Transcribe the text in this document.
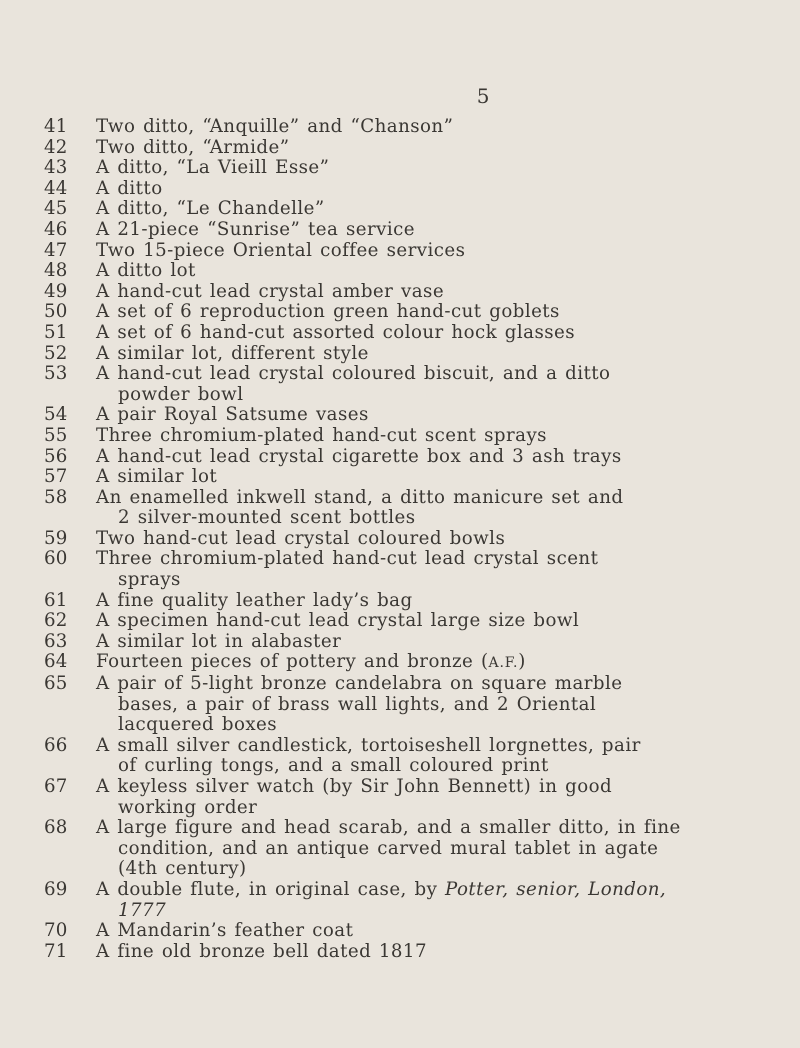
5
41	Two ditto, “Anquille” and “Chanson”
42	Two ditto, “Armide”
43	A ditto, “La Vieill Esse”
44	A ditto
45	A ditto, “Le Chandelle”
46	A 21-piece “Sunrise” tea service
47	Two 15-piece Oriental coffee services
48	A ditto lot
49	A hand-cut lead crystal amber vase
50	A set of 6 reproduction green hand-cut goblets
51	A set of 6 hand-cut assorted colour hock glasses
52	A similar lot, different style
53	A hand-cut lead crystal coloured biscuit, and a ditto
powder bowl
54	A pair Royal Satsume vases
55	Three chromium-plated hand-cut scent sprays
56	A hand-cut lead crystal cigarette box and 3 ash trays
57	A similar lot
58	An enamelled inkwell stand, a ditto manicure set and
2 silver-mounted scent bottles
59	Two hand-cut lead crystal coloured bowls
60	Three chromium-plated hand-cut lead crystal scent
sprays
61	A fine quality leather lady’s bag
62	A specimen hand-cut lead crystal large size bowl
63	A similar lot in alabaster
64	Fourteen pieces of pottery and bronze (A.F.)
65	A pair of 5-light bronze candelabra on square marble
bases, a pair of brass wall lights, and 2 Oriental
lacquered boxes
66	A small silver candlestick, tortoiseshell lorgnettes, pair
of curling tongs, and a small coloured print
67	A keyless silver watch (by Sir John Bennett) in good
working order
68	A large figure and head scarab, and a smaller ditto, in fine
condition, and an antique carved mural tablet in agate
(4th century)
69	A double flute, in original case, by Potter, senior, London,
1777
70	A Mandarin’s feather coat
71	A fine old bronze bell dated 1817
